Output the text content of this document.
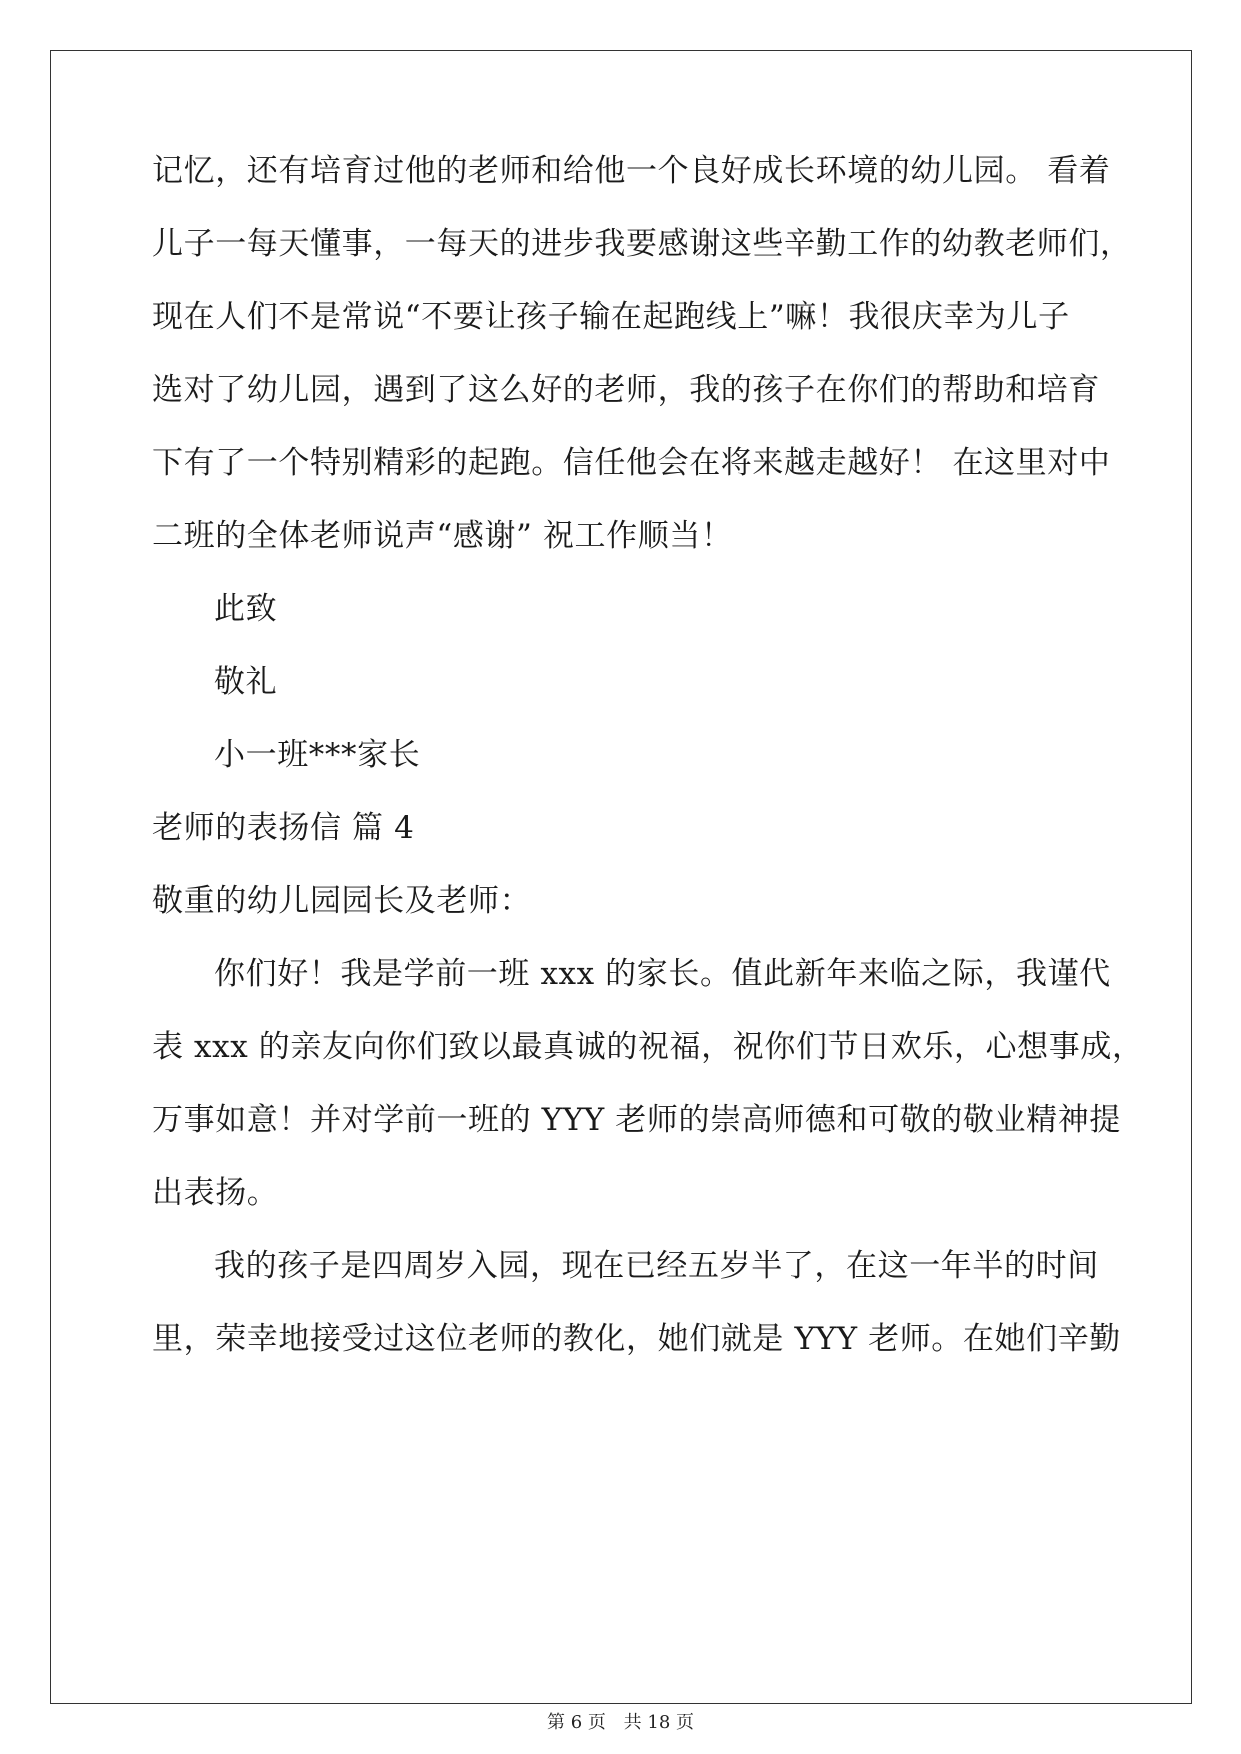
记忆，还有培育过他的老师和给他一个良好成长环境的幼儿园。 看着
儿子一每天懂事，一每天的进步我要感谢这些辛勤工作的幼教老师们，
现在人们不是常说“不要让孩子输在起跑线上”嘛！我很庆幸为儿子
选对了幼儿园，遇到了这么好的老师，我的孩子在你们的帮助和培育
下有了一个特别精彩的起跑。信任他会在将来越走越好！ 在这里对中
二班的全体老师说声“感谢” 祝工作顺当！
此致
敬礼
小一班***家长
老师的表扬信 篇 4
敬重的幼儿园园长及老师：
你们好！我是学前一班 xxx 的家长。值此新年来临之际，我谨代
表 xxx 的亲友向你们致以最真诚的祝福，祝你们节日欢乐，心想事成，
万事如意！并对学前一班的 YYY 老师的崇高师德和可敬的敬业精神提
出表扬。
我的孩子是四周岁入园，现在已经五岁半了，在这一年半的时间
里，荣幸地接受过这位老师的教化，她们就是 YYY 老师。在她们辛勤
第 6 页 共 18 页
